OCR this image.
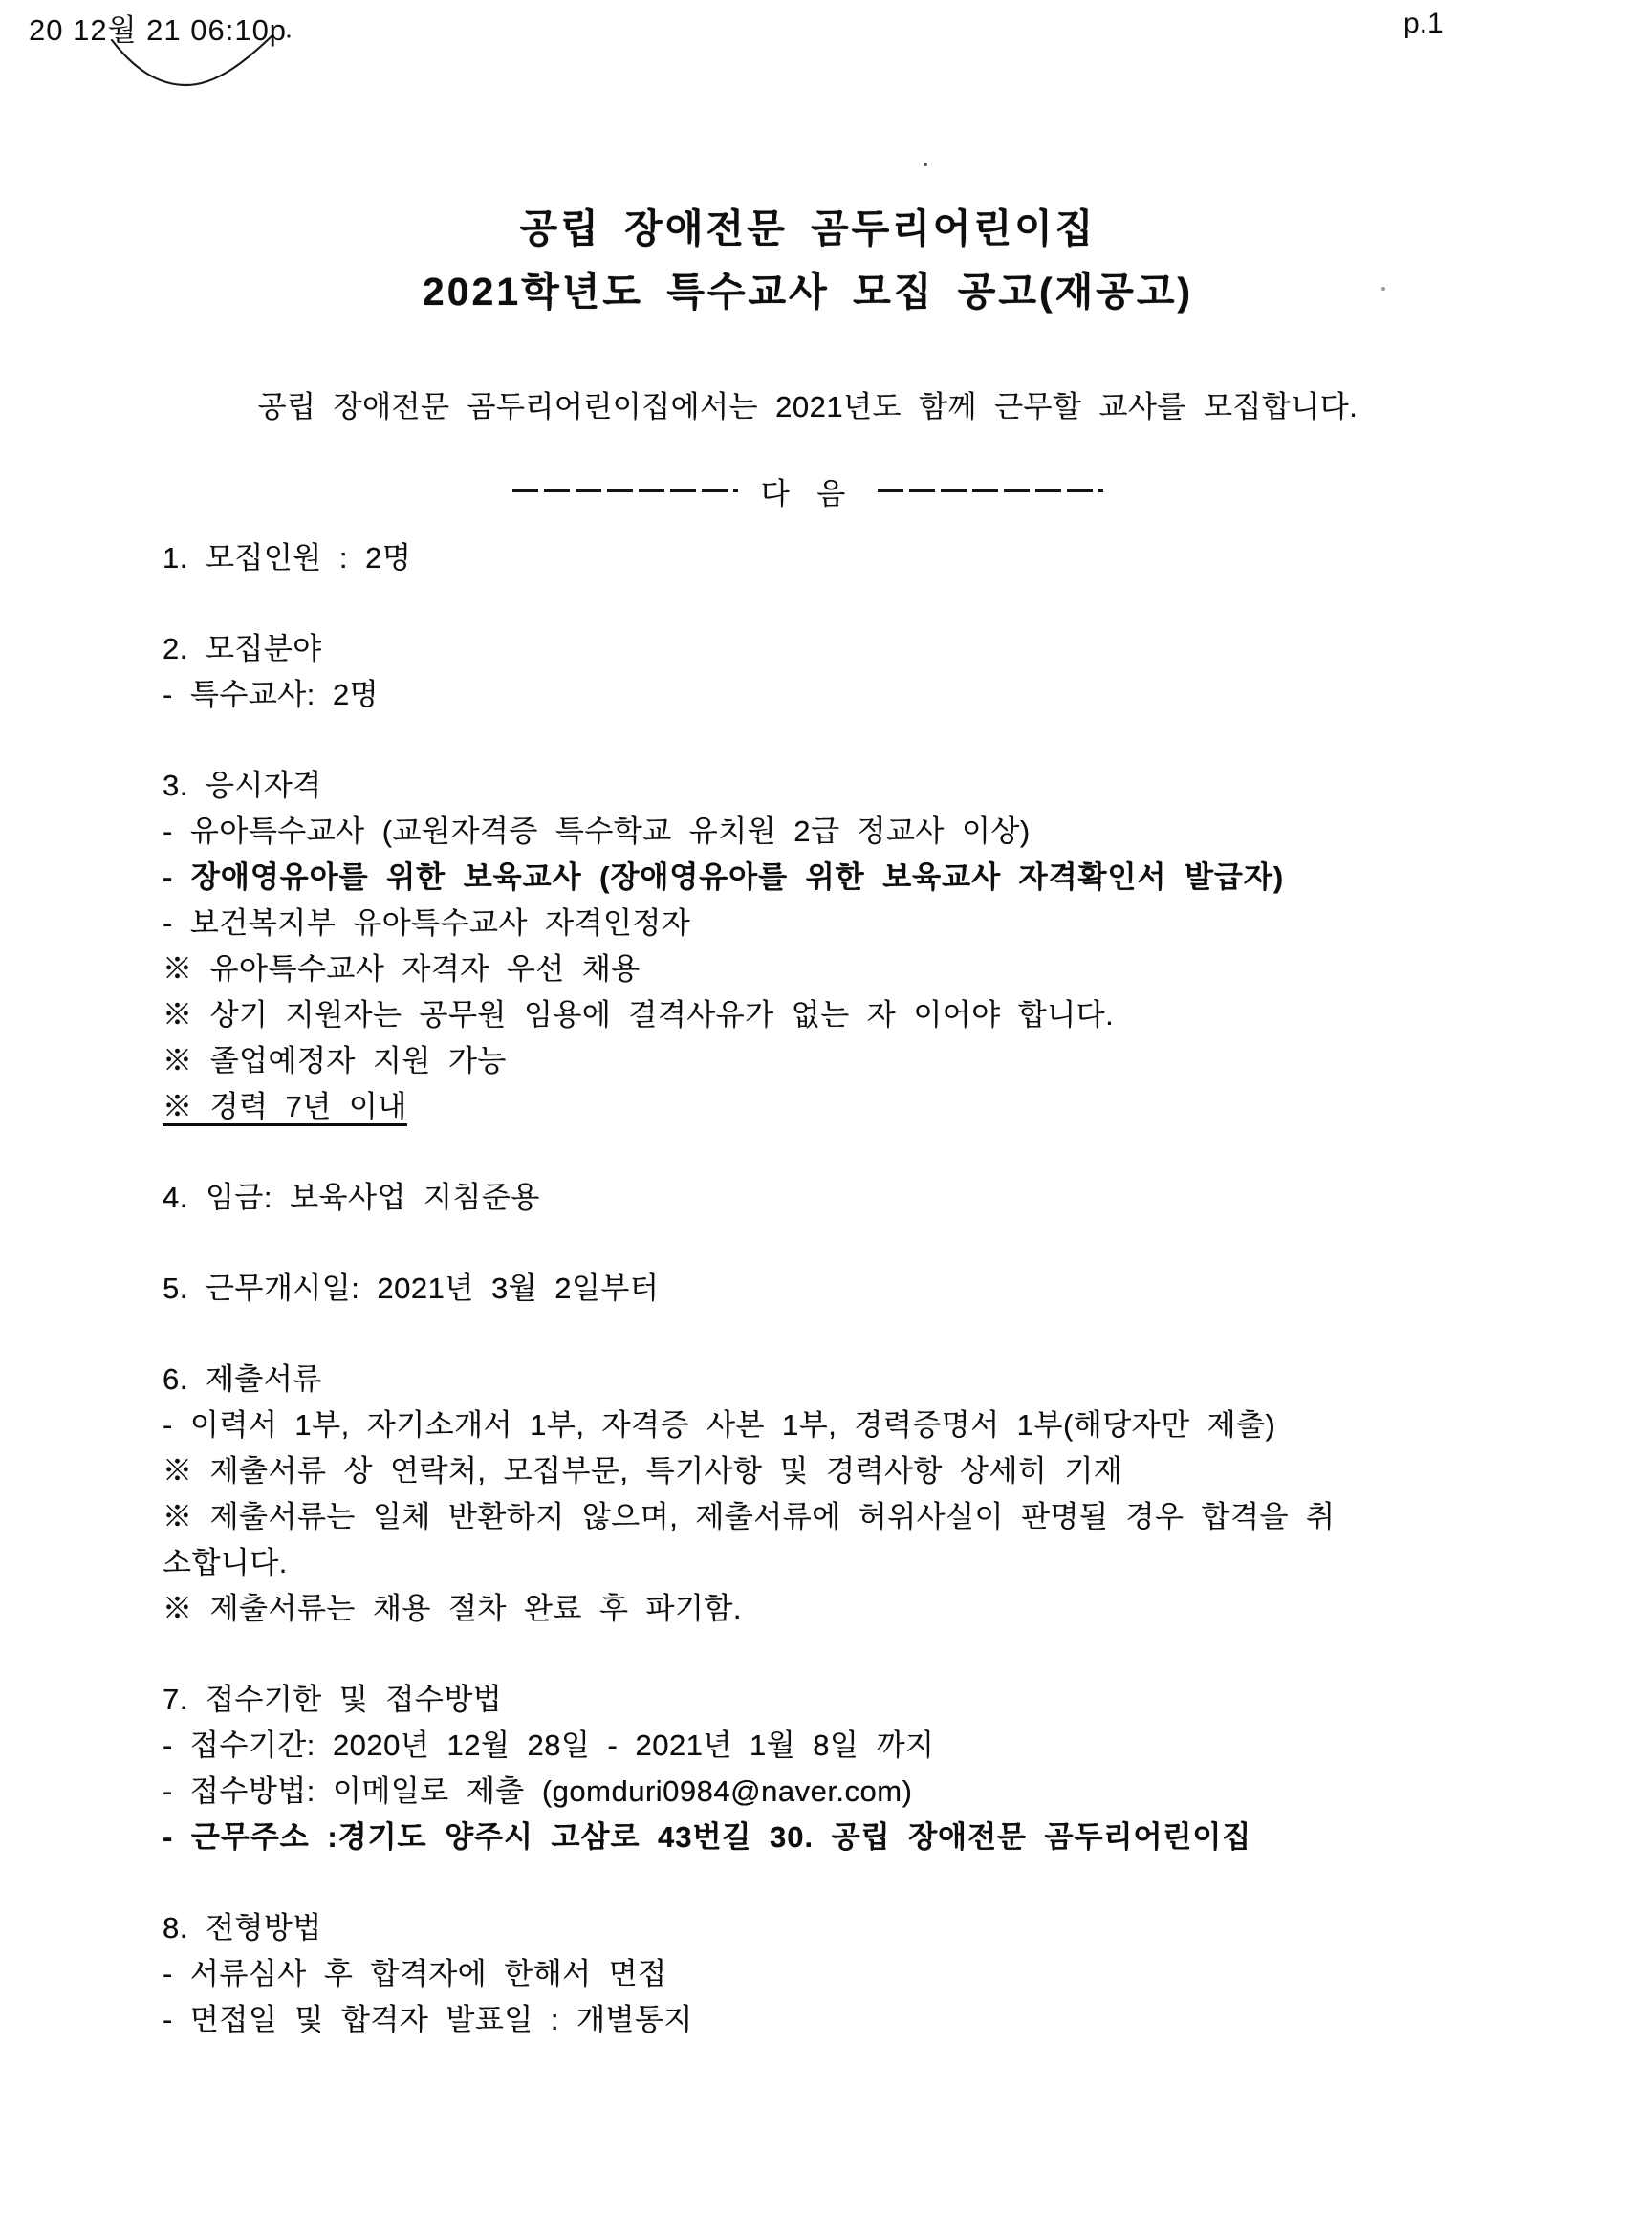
20 12월 21 06:10p	p.1
공립 장애전문 곰두리어린이집
2021학년도 특수교사 모집 공고(재공고)
공립 장애전문 곰두리어린이집에서는 2021년도 함께 근무할 교사를 모집합니다.
다 음
1. 모집인원 : 2명
2. 모집분야
- 특수교사: 2명
3. 응시자격
- 유아특수교사 (교원자격증 특수학교 유치원 2급 정교사 이상)
- 장애영유아를 위한 보육교사 (장애영유아를 위한 보육교사 자격확인서 발급자)
- 보건복지부 유아특수교사 자격인정자
※ 유아특수교사 자격자 우선 채용
※ 상기 지원자는 공무원 임용에 결격사유가 없는 자 이어야 합니다.
※ 졸업예정자 지원 가능
※ 경력 7년 이내
4. 임금: 보육사업 지침준용
5. 근무개시일: 2021년 3월 2일부터
6. 제출서류
- 이력서 1부, 자기소개서 1부, 자격증 사본 1부, 경력증명서 1부(해당자만 제출)
※ 제출서류 상 연락처, 모집부문, 특기사항 및 경력사항 상세히 기재
※ 제출서류는 일체 반환하지 않으며, 제출서류에 허위사실이 판명될 경우 합격을 취
소합니다.
※ 제출서류는 채용 절차 완료 후 파기함.
7. 접수기한 및 접수방법
- 접수기간: 2020년 12월 28일 - 2021년 1월 8일 까지
- 접수방법: 이메일로 제출 (gomduri0984@naver.com)
- 근무주소 :경기도 양주시 고삼로 43번길 30. 공립 장애전문 곰두리어린이집
8. 전형방법
- 서류심사 후 합격자에 한해서 면접
- 면접일 및 합격자 발표일 : 개별통지
